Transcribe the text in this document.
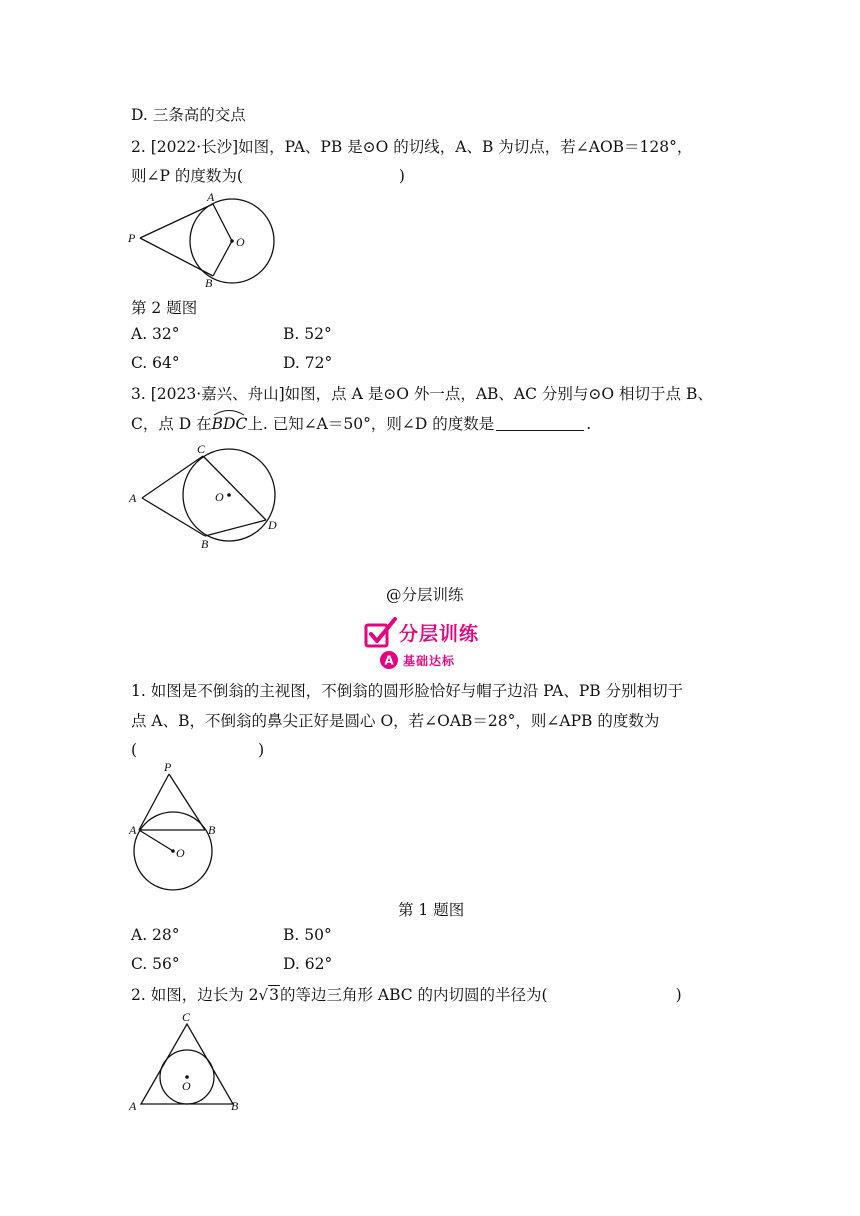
D. 三条高的交点
2. [2022·长沙]如图，PA、PB 是⊙O 的切线，A、B 为切点，若∠AOB＝128°，
则∠P 的度数为(	)
P
A
B
O
第 2 题图
A. 32°	B. 52°
C. 64°	D. 72°
3. [2023·嘉兴、舟山]如图，点 A 是⊙O 外一点，AB、AC 分别与⊙O 相切于点 B、
C，点 D 在
BDC上. 已知∠A＝50°，则∠D 的度数是	.
A
C
B
D
O
@分层训练
分层训练
A 基础达标
1. 如图是不倒翁的主视图，不倒翁的圆形脸恰好与帽子边沿 PA、PB 分别相切于
点 A、B，不倒翁的鼻尖正好是圆心 O，若∠OAB＝28°，则∠APB 的度数为
(	)
P
A	B
O
第 1 题图
A. 28°	B. 50°
C. 56°	D. 62°
2. 如图，边长为 2√3的等边三角形 ABC 的内切圆的半径为(	)
C
A	B
O
